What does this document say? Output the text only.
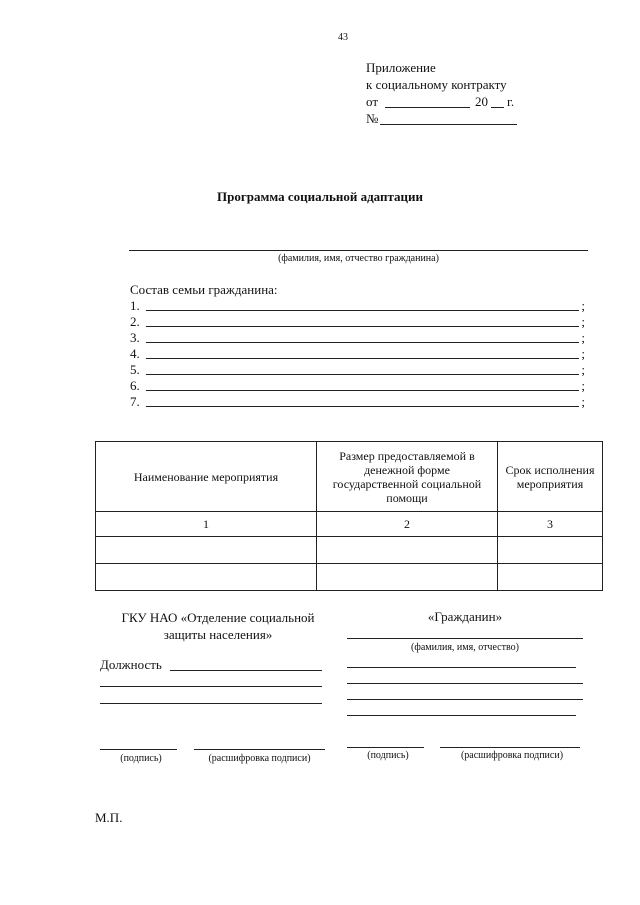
43
Приложение
к социальному контракту
от	20 г.
№
Программа социальной адаптации
(фамилия, имя, отчество гражданина)
Состав семьи гражданина:
1.	;
2.	;
3.	;
4.	;
5.	;
6.	;
7.	;
Наименование мероприятия	Размер предоставляемой в денежной форме государственной социальной помощи	Срок исполнения мероприятия
1	2	3

ГКУ НАО «Отделение социальной защиты населения»
Должность
(подпись)	(расшифровка подписи)
«Гражданин»
(фамилия, имя, отчество)
(подпись)	(расшифровка подписи)
М.П.
